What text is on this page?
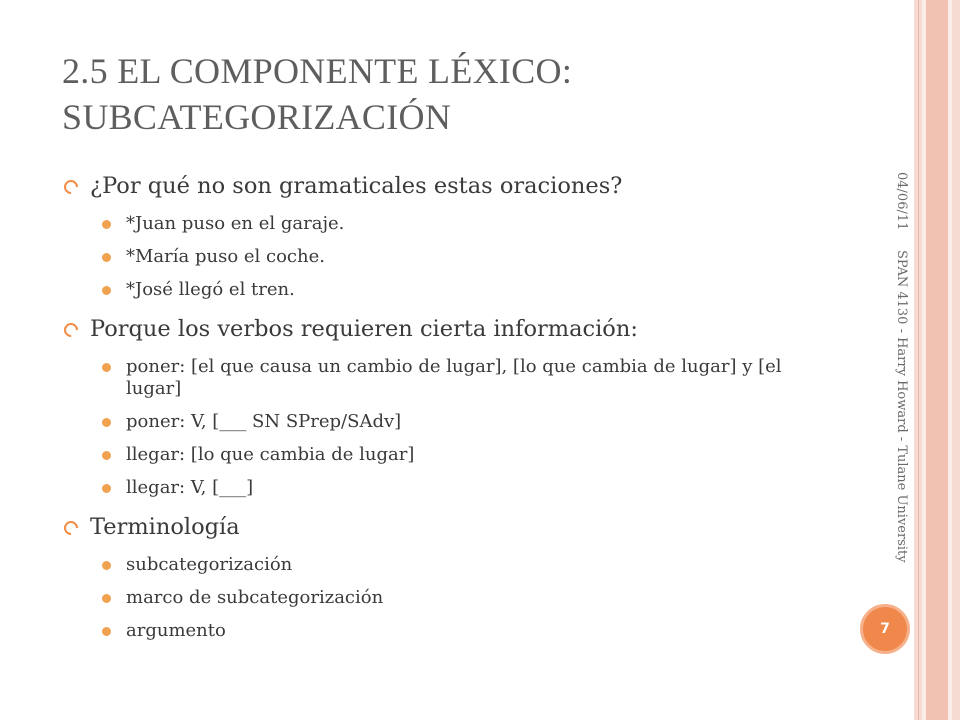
2.5 EL COMPONENTE LÉXICO:
SUBCATEGORIZACIÓN
¿Por qué no son gramaticales estas oraciones?
*Juan puso en el garaje.
*María puso el coche.
*José llegó el tren.
Porque los verbos requieren cierta información:
poner: [el que causa un cambio de lugar], [lo que cambia de lugar] y [el lugar]
poner: V, [___ SN SPrep/SAdv]
llegar: [lo que cambia de lugar]
llegar: V, [___]
Terminología
subcategorización
marco de subcategorización
argumento
04/06/11
SPAN 4130 - Harry Howard - Tulane University
7
